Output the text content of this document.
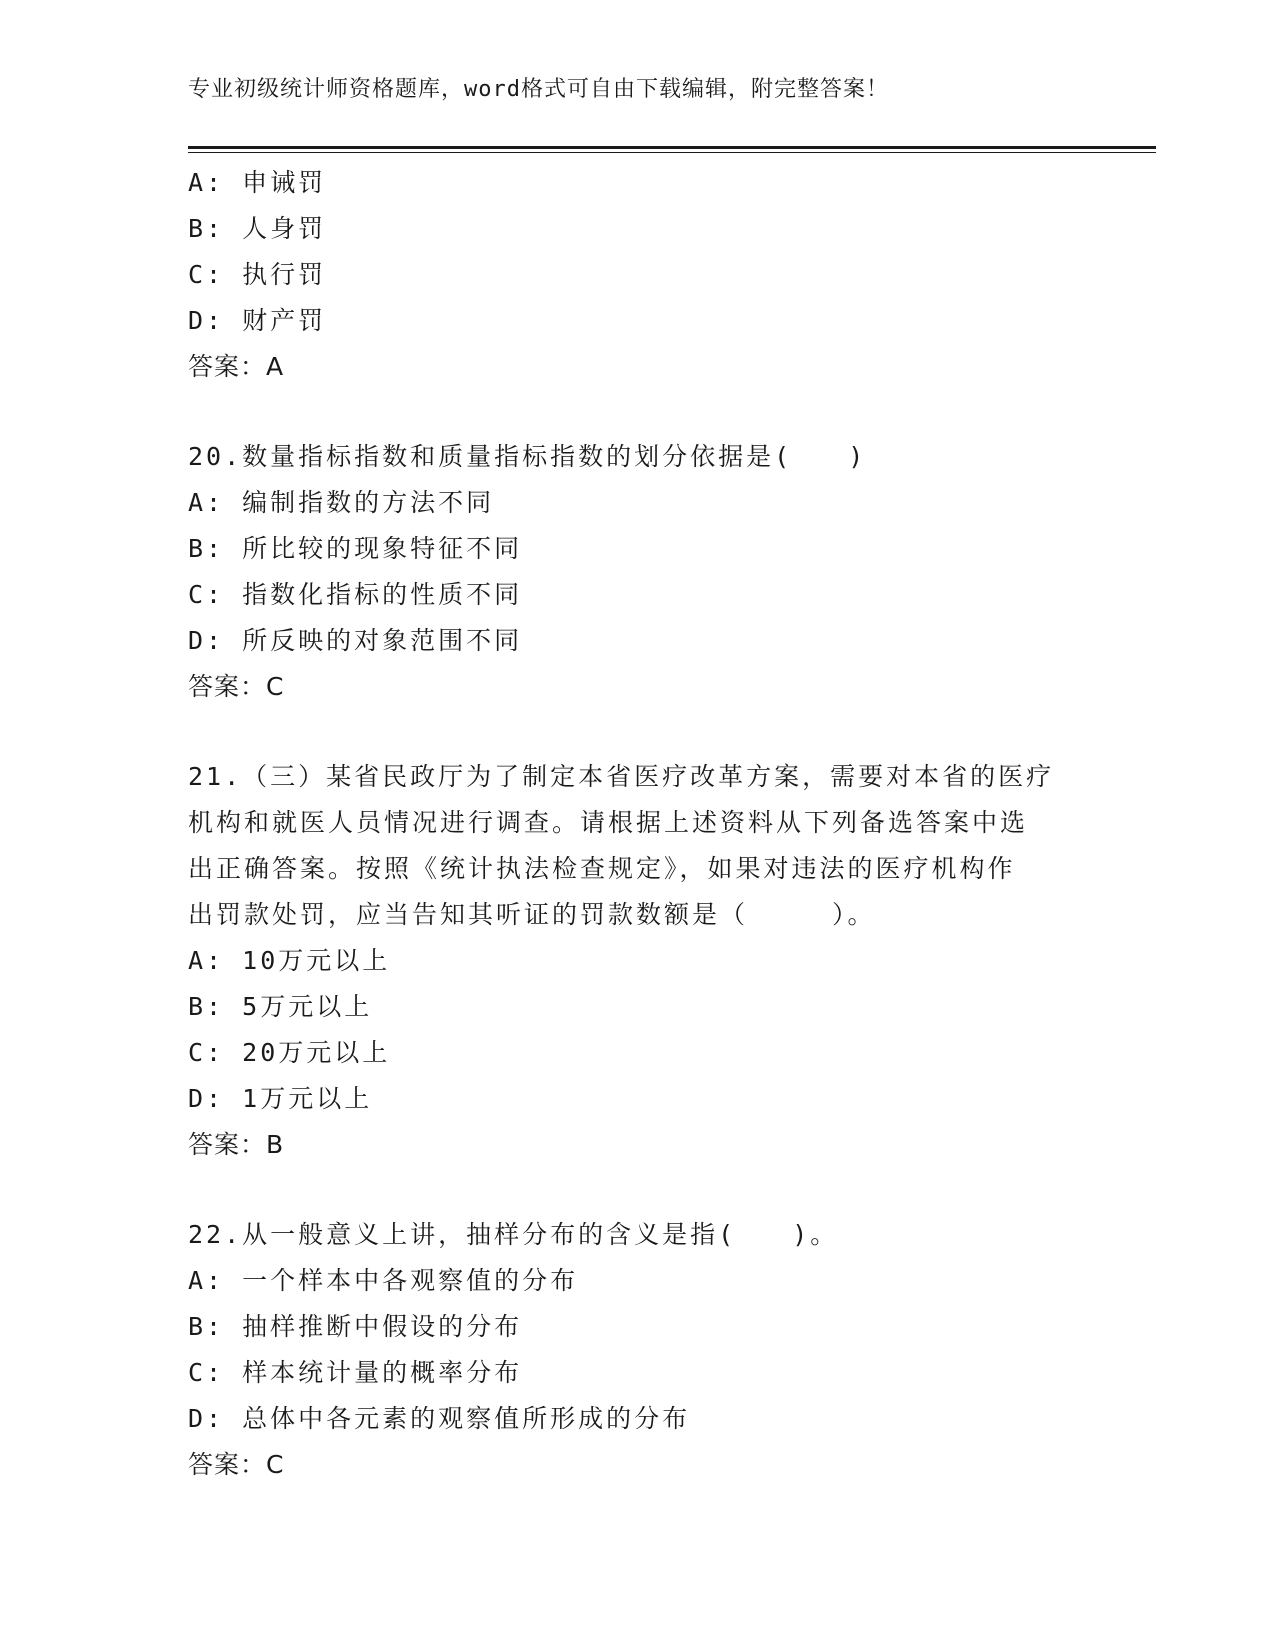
专业初级统计师资格题库，word格式可自由下载编辑，附完整答案！
A: 申诫罚
B: 人身罚
C: 执行罚
D: 财产罚
答案：A
20.数量指标指数和质量指标指数的划分依据是(　　)
A: 编制指数的方法不同
B: 所比较的现象特征不同
C: 指数化指标的性质不同
D: 所反映的对象范围不同
答案：C
21.（三）某省民政厅为了制定本省医疗改革方案，需要对本省的医疗
机构和就医人员情况进行调查。请根据上述资料从下列备选答案中选
出正确答案。按照《统计执法检查规定》，如果对违法的医疗机构作
出罚款处罚，应当告知其听证的罚款数额是（　　　）。
A: 10万元以上
B: 5万元以上
C: 20万元以上
D: 1万元以上
答案：B
22.从一般意义上讲，抽样分布的含义是指(　　)。
A: 一个样本中各观察值的分布
B: 抽样推断中假设的分布
C: 样本统计量的概率分布
D: 总体中各元素的观察值所形成的分布
答案：C
